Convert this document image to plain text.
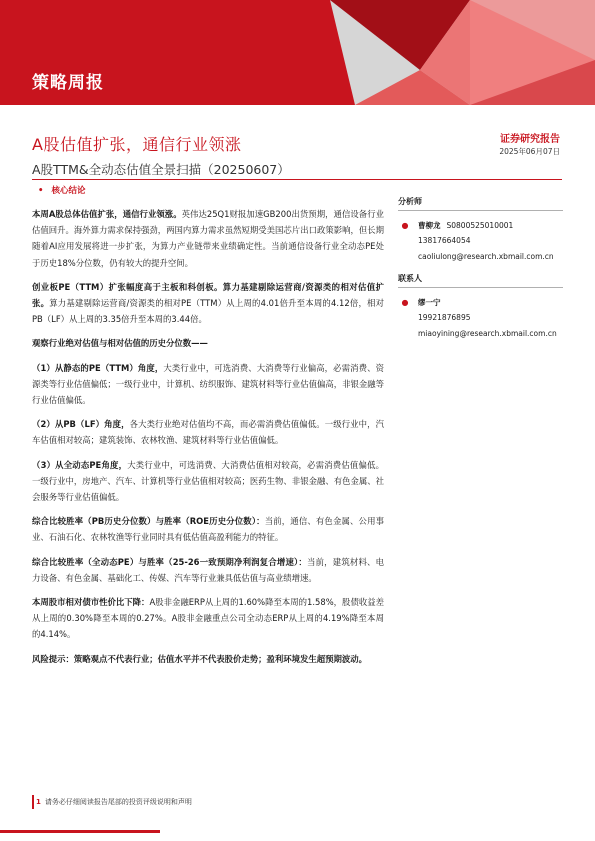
策略周报
A股估值扩张，通信行业领涨
A股TTM&全动态估值全景扫描（20250607）
证券研究报告
2025年06月07日
• 核心结论

本周A股总体估值扩张，通信行业领涨。英伟达25Q1财报加速GB200出货预期，通信设备行业估值回升。海外算力需求保持强劲，两国内算力需求虽然短期受美国芯片出口政策影响，但长期随着AI应用发展将进一步扩张，为算力产业链带来业绩确定性。当前通信设备行业全动态PE处于历史18%分位数，仍有较大的提升空间。

创业板PE（TTM）扩张幅度高于主板和科创板。算力基建剔除运营商/资源类的相对估值扩张。算力基建剔除运营商/资源类的相对PE（TTM）从上周的4.01倍升至本周的4.12倍，相对PB（LF）从上周的3.35倍升至本周的3.44倍。

观察行业绝对估值与相对估值的历史分位数——

（1）从静态的PE（TTM）角度，大类行业中，可选消费、大消费等行业偏高，必需消费、资源类等行业估值偏低；一级行业中，计算机、纺织服饰、建筑材料等行业估值偏高，非银金融等行业估值偏低。

（2）从PB（LF）角度，各大类行业绝对估值均不高，而必需消费估值偏低。一级行业中，汽车估值相对较高；建筑装饰、农林牧渔、建筑材料等行业估值偏低。

（3）从全动态PE角度，大类行业中，可选消费、大消费估值相对较高，必需消费估值偏低。一级行业中，房地产、汽车、计算机等行业估值相对较高；医药生物、非银金融、有色金属、社会服务等行业估值偏低。

综合比较胜率（PB历史分位数）与胜率（ROE历史分位数）：当前，通信、有色金属、公用事业、石油石化、农林牧渔等行业同时具有低估值高盈利能力的特征。

综合比较胜率（全动态PE）与胜率（25-26一致预期净利润复合增速）：当前，建筑材料、电力设备、有色金属、基础化工、传媒、汽车等行业兼具低估值与高业绩增速。

本周股市相对债市性价比下降：A股非金融ERP从上周的1.60%降至本周的1.58%，股债收益差从上周的0.30%降至本周的0.27%。A股非金融重点公司全动态ERP从上周的4.19%降至本周的4.14%。

风险提示：策略观点不代表行业；估值水平并不代表股价走势；盈利环境发生超预期波动。

分析师
●	曹柳龙 S0800525010001
13817664054
caoliulong@research.xbmail.com.cn
联系人
●	缪一宁
19921876895
miaoyining@research.xbmail.com.cn
1 请务必仔细阅读报告尾部的投资评级说明和声明
